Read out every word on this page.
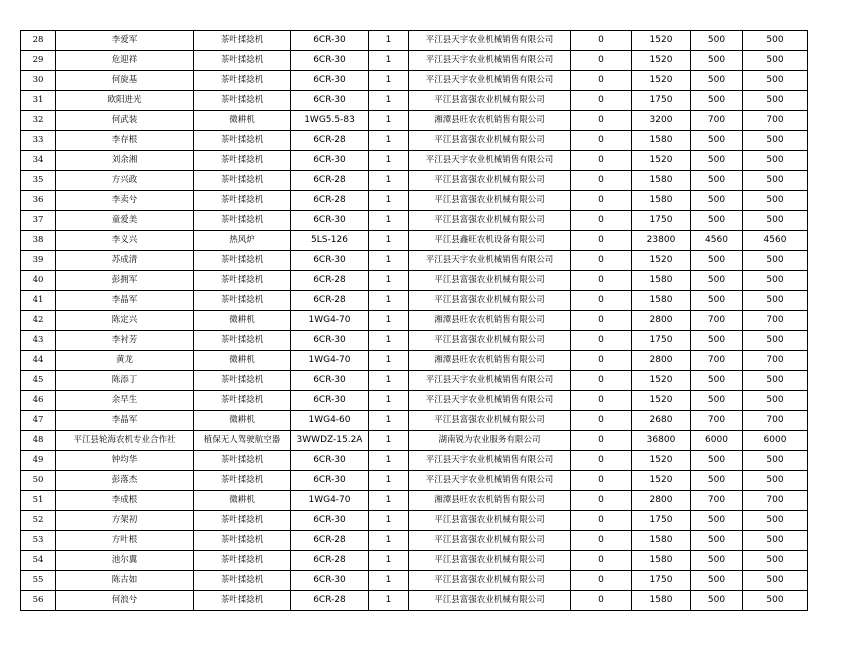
28	李爱军	茶叶揉捻机	6CR-30	1	平江县天宇农业机械销售有限公司	0	1520	500	500
29	危迎祥	茶叶揉捻机	6CR-30	1	平江县天宇农业机械销售有限公司	0	1520	500	500
30	何旋基	茶叶揉捻机	6CR-30	1	平江县天宇农业机械销售有限公司	0	1520	500	500
31	欧阳进光	茶叶揉捻机	6CR-30	1	平江县富强农业机械有限公司	0	1750	500	500
32	何武装	微耕机	1WG5.5-83	1	湘潭县旺农农机销售有限公司	0	3200	700	700
33	李存根	茶叶揉捻机	6CR-28	1	平江县富强农业机械有限公司	0	1580	500	500
34	刘余湘	茶叶揉捻机	6CR-30	1	平江县天宇农业机械销售有限公司	0	1520	500	500
35	方兴政	茶叶揉捻机	6CR-28	1	平江县富强农业机械有限公司	0	1580	500	500
36	李卖兮	茶叶揉捻机	6CR-28	1	平江县富强农业机械有限公司	0	1580	500	500
37	童爱美	茶叶揉捻机	6CR-30	1	平江县富强农业机械有限公司	0	1750	500	500
38	李义兴	热风炉	5LS-126	1	平江县鑫旺农机设备有限公司	0	23800	4560	4560
39	苏成清	茶叶揉捻机	6CR-30	1	平江县天宇农业机械销售有限公司	0	1520	500	500
40	彭拥军	茶叶揉捻机	6CR-28	1	平江县富强农业机械有限公司	0	1580	500	500
41	李晶军	茶叶揉捻机	6CR-28	1	平江县富强农业机械有限公司	0	1580	500	500
42	陈定兴	微耕机	1WG4-70	1	湘潭县旺农农机销售有限公司	0	2800	700	700
43	李衬芳	茶叶揉捻机	6CR-30	1	平江县富强农业机械有限公司	0	1750	500	500
44	黄龙	微耕机	1WG4-70	1	湘潭县旺农农机销售有限公司	0	2800	700	700
45	陈添丁	茶叶揉捻机	6CR-30	1	平江县天宇农业机械销售有限公司	0	1520	500	500
46	余早生	茶叶揉捻机	6CR-30	1	平江县天宇农业机械销售有限公司	0	1520	500	500
47	李晶军	微耕机	1WG4-60	1	平江县富强农业机械有限公司	0	2680	700	700
48	平江县轮海农机专业合作社	植保无人驾驶航空器	3WWDZ-15.2A	1	湖南锐为农业服务有限公司	0	36800	6000	6000
49	钟均华	茶叶揉捻机	6CR-30	1	平江县天宇农业机械销售有限公司	0	1520	500	500
50	彭落杰	茶叶揉捻机	6CR-30	1	平江县天宇农业机械销售有限公司	0	1520	500	500
51	李成根	微耕机	1WG4-70	1	湘潭县旺农农机销售有限公司	0	2800	700	700
52	方架初	茶叶揉捻机	6CR-30	1	平江县富强农业机械有限公司	0	1750	500	500
53	方叶根	茶叶揉捻机	6CR-28	1	平江县富强农业机械有限公司	0	1580	500	500
54	池尔翼	茶叶揉捻机	6CR-28	1	平江县富强农业机械有限公司	0	1580	500	500
55	陈古如	茶叶揉捻机	6CR-30	1	平江县富强农业机械有限公司	0	1750	500	500
56	何浪兮	茶叶揉捻机	6CR-28	1	平江县富强农业机械有限公司	0	1580	500	500
